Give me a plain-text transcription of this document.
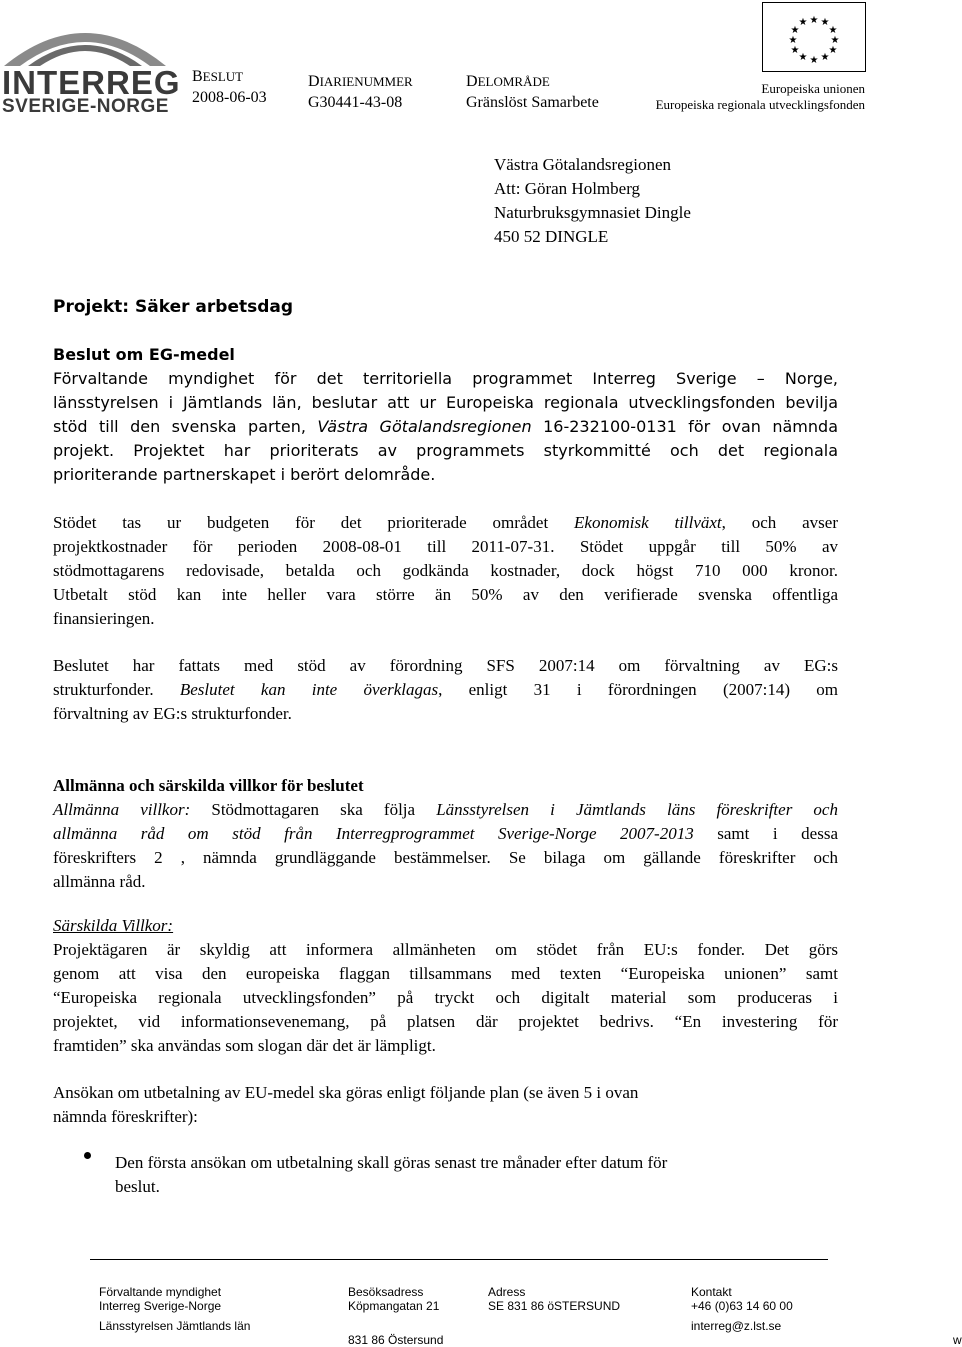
INTERREG
SVERIGE-NORGE
BESLUT
2008-06-03
DIARIENUMMER
G30441-43-08
DELOMRÅDE
Gränslöst Samarbete
★ ★
★
★
★
★
★
★
★
★
★
★
Europeiska unionen
Europeiska regionala utvecklingsfonden
Västra Götalandsregionen
Att: Göran Holmberg
Naturbruksgymnasiet Dingle
450 52 DINGLE
Projekt: Säker arbetsdag
Beslut om EG-medel
Förvaltande myndighet för det territoriella programmet Interreg Sverige – Norge,
länsstyrelsen i Jämtlands län, beslutar att ur Europeiska regionala utvecklingsfonden bevilja
stöd till den svenska parten, Västra Götalandsregionen 16-232100-0131 för ovan nämnda
projekt. Projektet har prioriterats av programmets styrkommitté och det regionala
prioriterande partnerskapet i berört delområde.
Stödet tas ur budgeten för det prioriterade området Ekonomisk tillväxt, och avser
projektkostnader för perioden 2008-08-01 till 2011-07-31. Stödet uppgår till 50% av
stödmottagarens redovisade, betalda och godkända kostnader, dock högst 710 000 kronor.
Utbetalt stöd kan inte heller vara större än 50% av den verifierade svenska offentliga
finansieringen.
Beslutet har fattats med stöd av förordning SFS 2007:14 om förvaltning av EG:s
strukturfonder. Beslutet kan inte överklagas, enligt 31 i förordningen (2007:14) om
förvaltning av EG:s strukturfonder.
Allmänna och särskilda villkor för beslutet
Allmänna villkor: Stödmottagaren ska följa Länsstyrelsen i Jämtlands läns föreskrifter och
allmänna råd om stöd från Interregprogrammet Sverige-Norge 2007-2013 samt i dessa
föreskrifters 2 , nämnda grundläggande bestämmelser. Se bilaga om gällande föreskrifter och
allmänna råd.
Särskilda Villkor:
Projektägaren är skyldig att informera allmänheten om stödet från EU:s fonder. Det görs
genom att visa den europeiska flaggan tillsammans med texten “Europeiska unionen” samt
“Europeiska regionala utvecklingsfonden” på tryckt och digitalt material som produceras i
projektet, vid informationsevenemang, på platsen där projektet bedrivs. “En investering för
framtiden” ska användas som slogan där det är lämpligt.
Ansökan om utbetalning av EU-medel ska göras enligt följande plan (se även 5 i ovan
nämnda föreskrifter):
Den första ansökan om utbetalning skall göras senast tre månader efter datum för
beslut.
Förvaltande myndighet
Interreg Sverige-Norge
Länsstyrelsen Jämtlands län
Besöksadress
Köpmangatan 21
831 86 Östersund
Adress
SE 831 86 öSTERSUND
Kontakt
+46 (0)63 14 60 00
interreg@z.lst.se
w
